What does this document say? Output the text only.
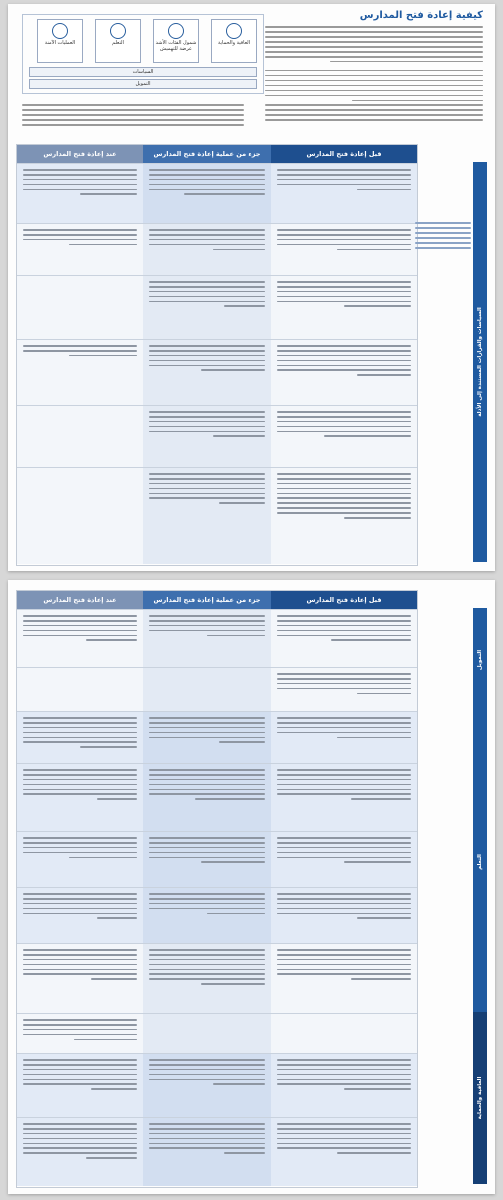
كيفية إعادة فتح المدارس
العافية والحماية
شمول الفئات الأشد عرضة للتهميش
التعلم
العمليات الآمنة
السياسات
التمويل
قبل إعادة فتح المدارس
جزء من عملية إعادة فتح المدارس
عند إعادة فتح المدارس
السياسات والقرارات المستندة إلى الأدلة
قبل إعادة فتح المدارس
جزء من عملية إعادة فتح المدارس
عند إعادة فتح المدارس
التمويل
التعلم
العافية والحماية
